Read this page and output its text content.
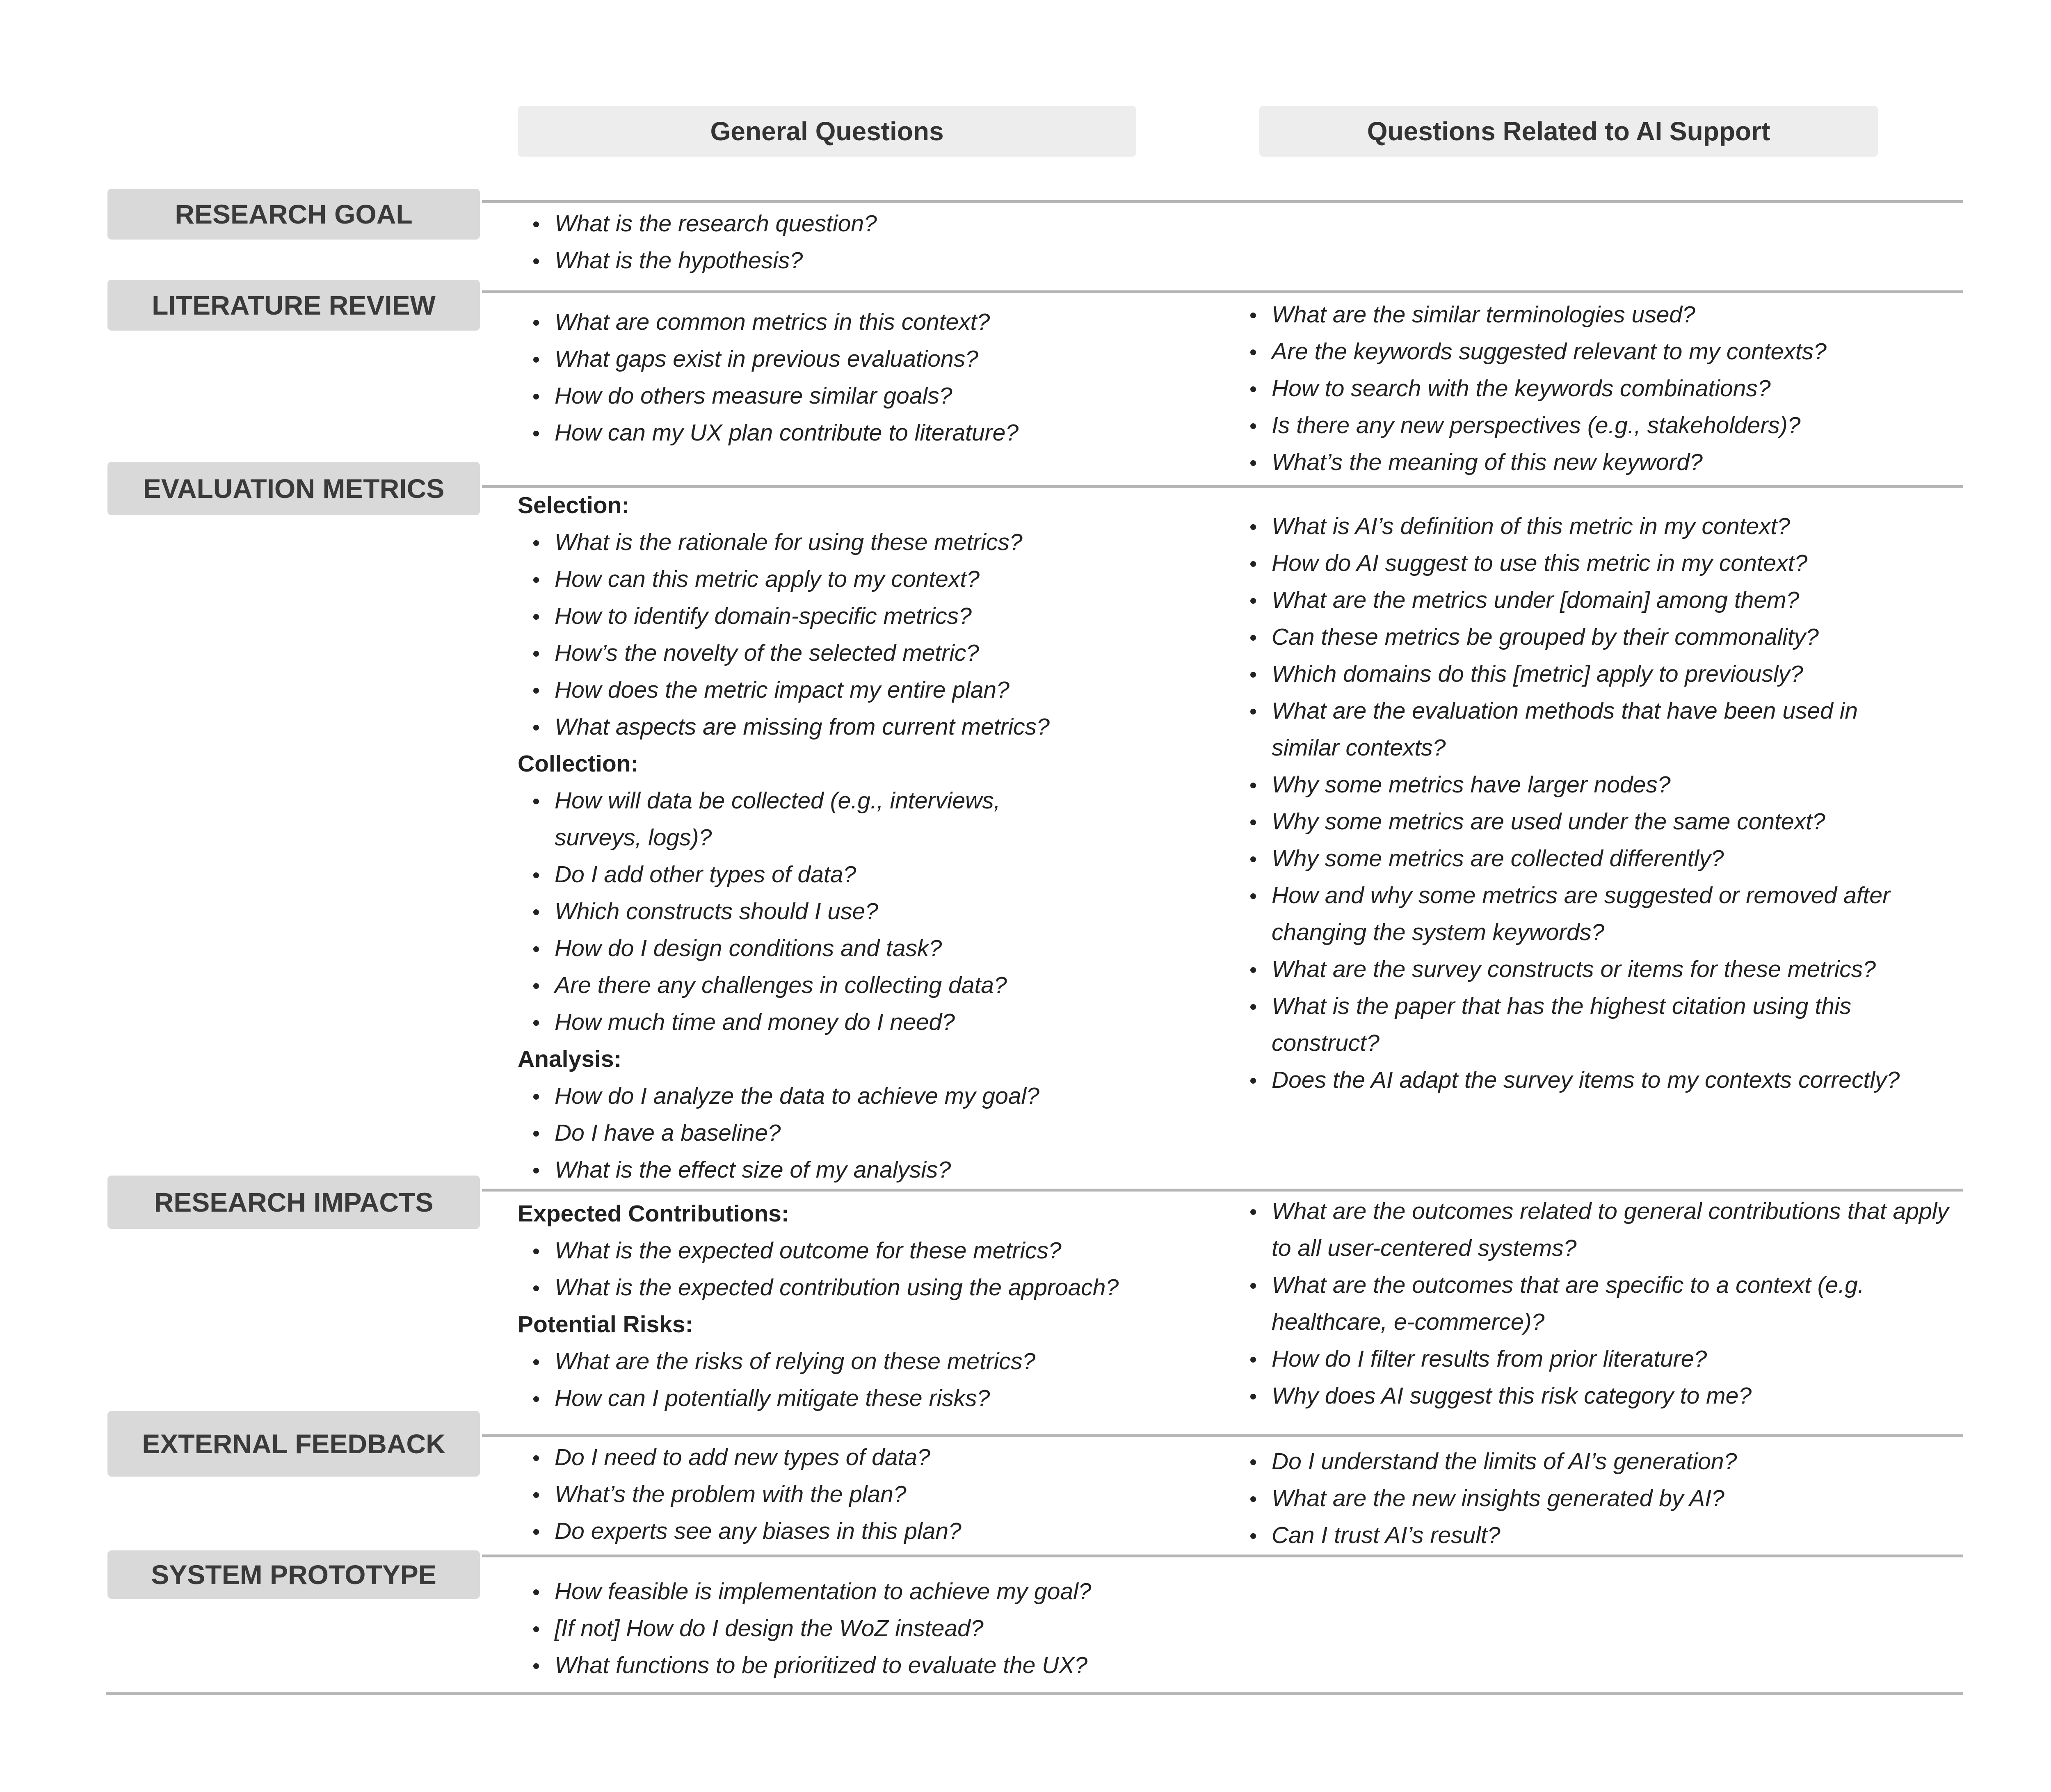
General Questions	Questions Related to AI Support
RESEARCH GOAL
LITERATURE REVIEW
EVALUATION METRICS
RESEARCH IMPACTS
EXTERNAL FEEDBACK
SYSTEM PROTOTYPE
What is the research question?
What is the hypothesis?
What are common metrics in this context?
What gaps exist in previous evaluations?
How do others measure similar goals?
How can my UX plan contribute to literature?
What are the similar terminologies used?
Are the keywords suggested relevant to my contexts?
How to search with the keywords combinations?
Is there any new perspectives (e.g., stakeholders)?
What’s the meaning of this new keyword?
Selection:
What is the rationale for using these metrics?
How can this metric apply to my context?
How to identify domain-specific metrics?
How’s the novelty of the selected metric?
How does the metric impact my entire plan?
What aspects are missing from current metrics?
Collection:
How will data be collected (e.g., interviews, surveys, logs)?
Do I add other types of data?
Which constructs should I use?
How do I design conditions and task?
Are there any challenges in collecting data?
How much time and money do I need?
Analysis:
How do I analyze the data to achieve my goal?
Do I have a baseline?
What is the effect size of my analysis?
What is AI’s definition of this metric in my context?
How do AI suggest to use this metric in my context?
What are the metrics under [domain] among them?
Can these metrics be grouped by their commonality?
Which domains do this [metric] apply to previously?
What are the evaluation methods that have been used in similar contexts?
Why some metrics have larger nodes?
Why some metrics are used under the same context?
Why some metrics are collected differently?
How and why some metrics are suggested or removed after changing the system keywords?
What are the survey constructs or items for these metrics?
What is the paper that has the highest citation using this construct?
Does the AI adapt the survey items to my contexts correctly?
Expected Contributions:
What is the expected outcome for these metrics?
What is the expected contribution using the approach?
Potential Risks:
What are the risks of relying on these metrics?
How can I potentially mitigate these risks?
What are the outcomes related to general contributions that apply to all user-centered systems?
What are the outcomes that are specific to a context (e.g. healthcare, e-commerce)?
How do I filter results from prior literature?
Why does AI suggest this risk category to me?
Do I need to add new types of data?
What’s the problem with the plan?
Do experts see any biases in this plan?
Do I understand the limits of AI’s generation?
What are the new insights generated by AI?
Can I trust AI’s result?
How feasible is implementation to achieve my goal?
[If not] How do I design the WoZ instead?
What functions to be prioritized to evaluate the UX?
